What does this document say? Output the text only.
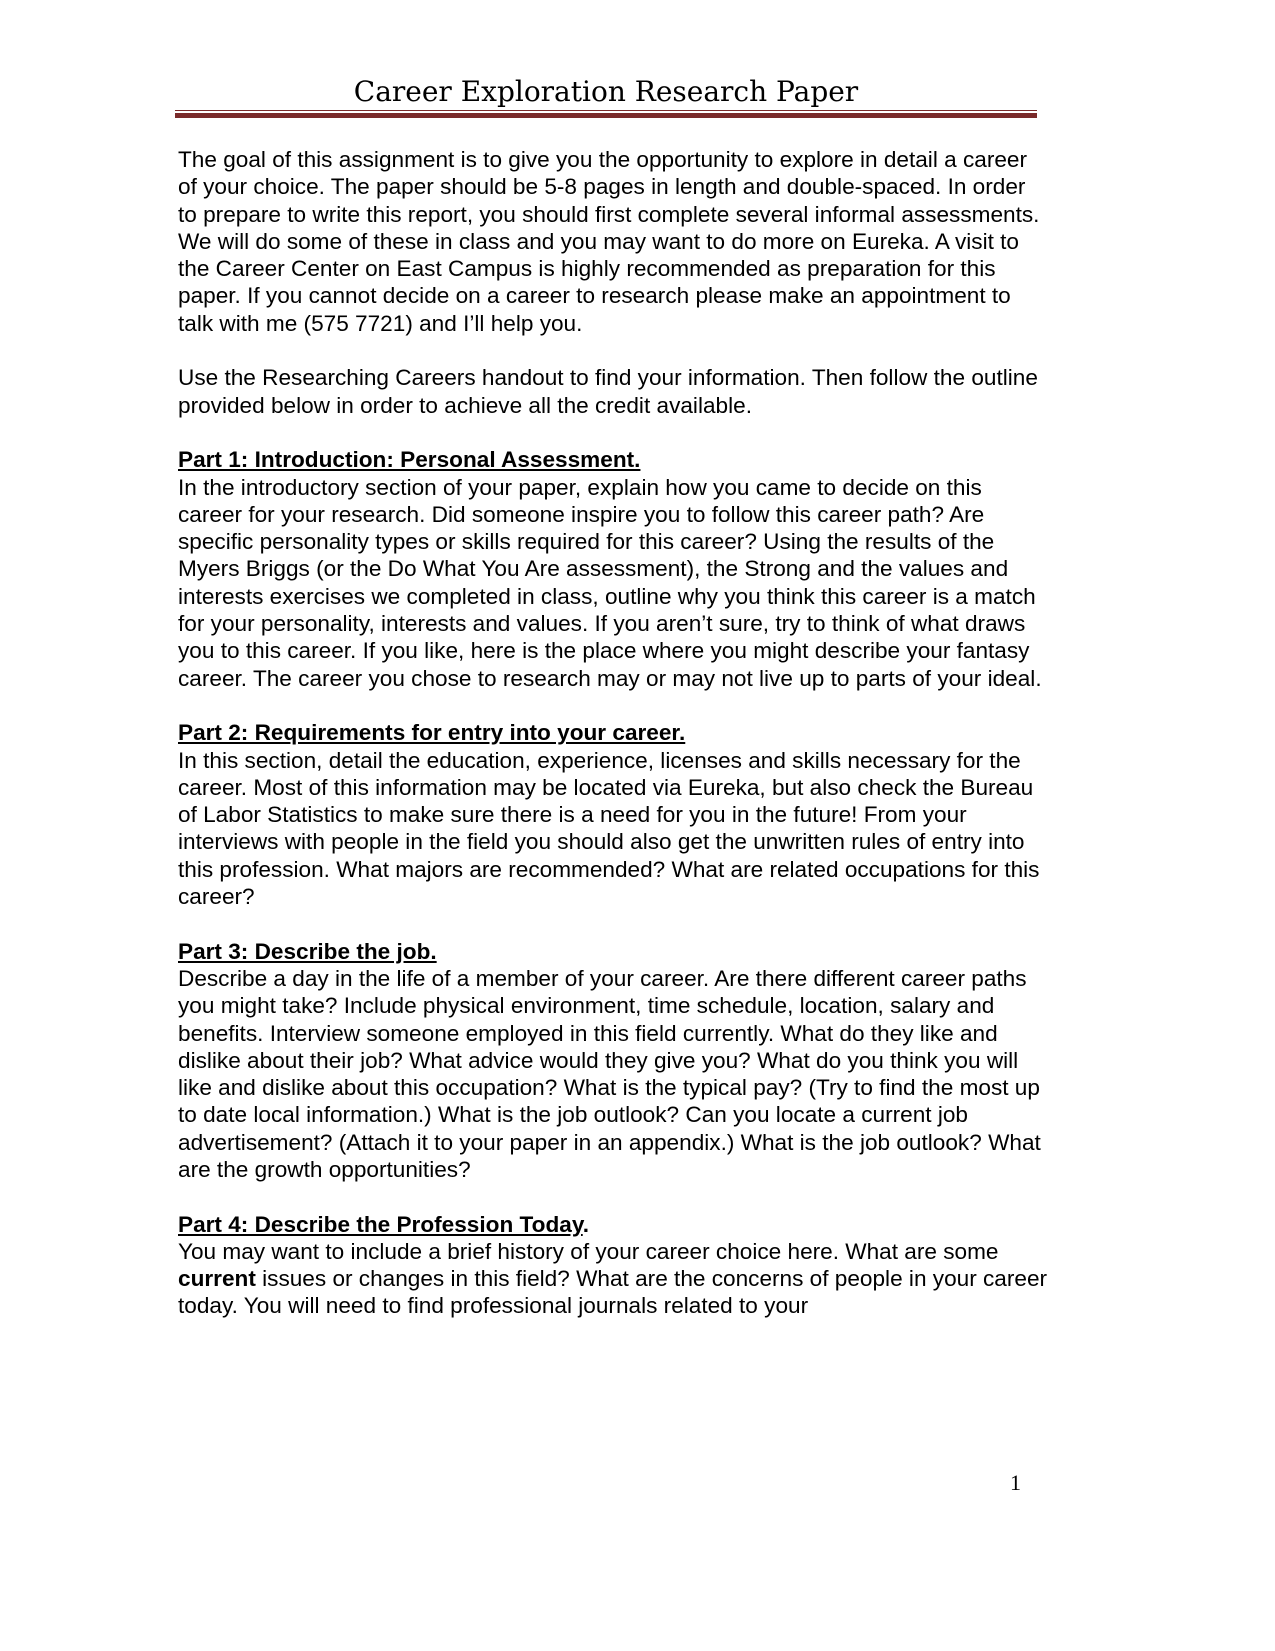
Career Exploration Research Paper

The goal of this assignment is to give you the opportunity to explore in detail a career of your choice. The paper should be 5-8 pages in length and double-spaced. In order to prepare to write this report, you should first complete several informal assessments. We will do some of these in class and you may want to do more on Eureka. A visit to the Career Center on East Campus is highly recommended as preparation for this paper. If you cannot decide on a career to research please make an appointment to talk with me (575 7721) and I’ll help you.

Use the Researching Careers handout to find your information. Then follow the outline provided below in order to achieve all the credit available.

Part 1: Introduction: Personal Assessment.
In the introductory section of your paper, explain how you came to decide on this career for your research. Did someone inspire you to follow this career path? Are specific personality types or skills required for this career? Using the results of the Myers Briggs (or the Do What You Are assessment), the Strong and the values and interests exercises we completed in class, outline why you think this career is a match for your personality, interests and values. If you aren’t sure, try to think of what draws you to this career. If you like, here is the place where you might describe your fantasy career. The career you chose to research may or may not live up to parts of your ideal.

Part 2: Requirements for entry into your career.
In this section, detail the education, experience, licenses and skills necessary for the career. Most of this information may be located via Eureka, but also check the Bureau of Labor Statistics to make sure there is a need for you in the future! From your interviews with people in the field you should also get the unwritten rules of entry into this profession. What majors are recommended? What are related occupations for this career?

Part 3: Describe the job.
Describe a day in the life of a member of your career. Are there different career paths you might take? Include physical environment, time schedule, location, salary and benefits. Interview someone employed in this field currently. What do they like and dislike about their job? What advice would they give you? What do you think you will like and dislike about this occupation? What is the typical pay? (Try to find the most up to date local information.) What is the job outlook? Can you locate a current job advertisement? (Attach it to your paper in an appendix.) What is the job outlook? What are the growth opportunities?

Part 4: Describe the Profession Today.
You may want to include a brief history of your career choice here. What are some current issues or changes in this field? What are the concerns of people in your career today. You will need to find professional journals related to your

1
